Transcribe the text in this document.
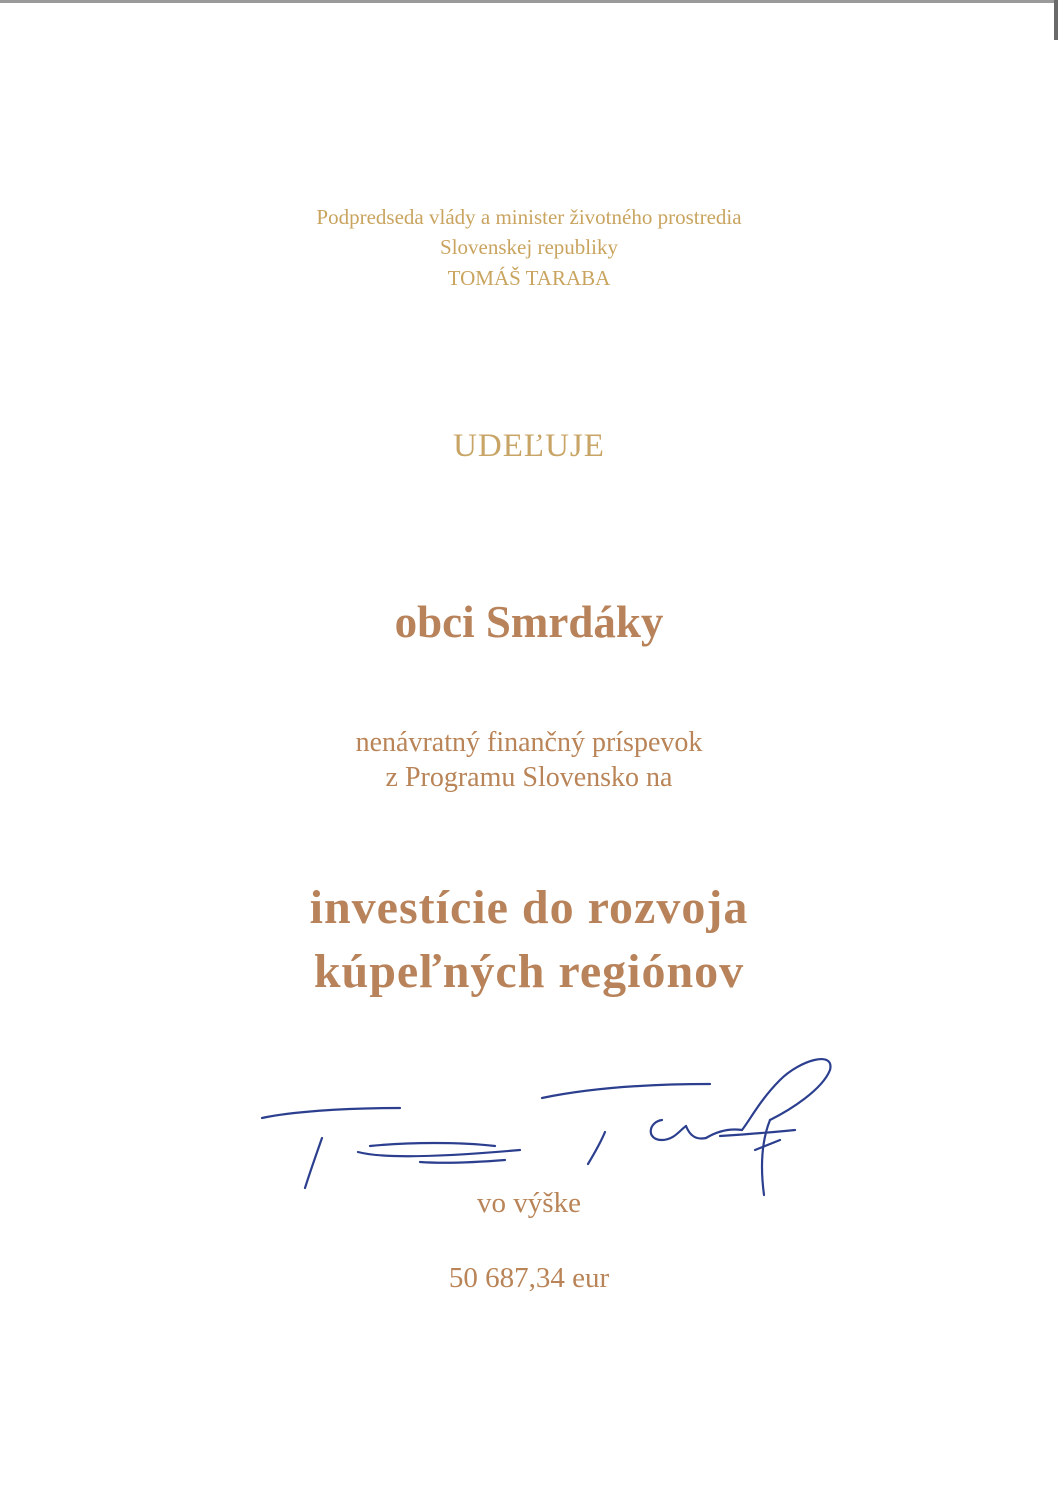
Podpredseda vlády a minister životného prostredia
Slovenskej republiky
TOMÁŠ TARABA
UDEĽUJE
obci Smrdáky
nenávratný finančný príspevok
z Programu Slovensko na
investície do rozvoja
kúpeľných regiónov
vo výške
50 687,34 eur
